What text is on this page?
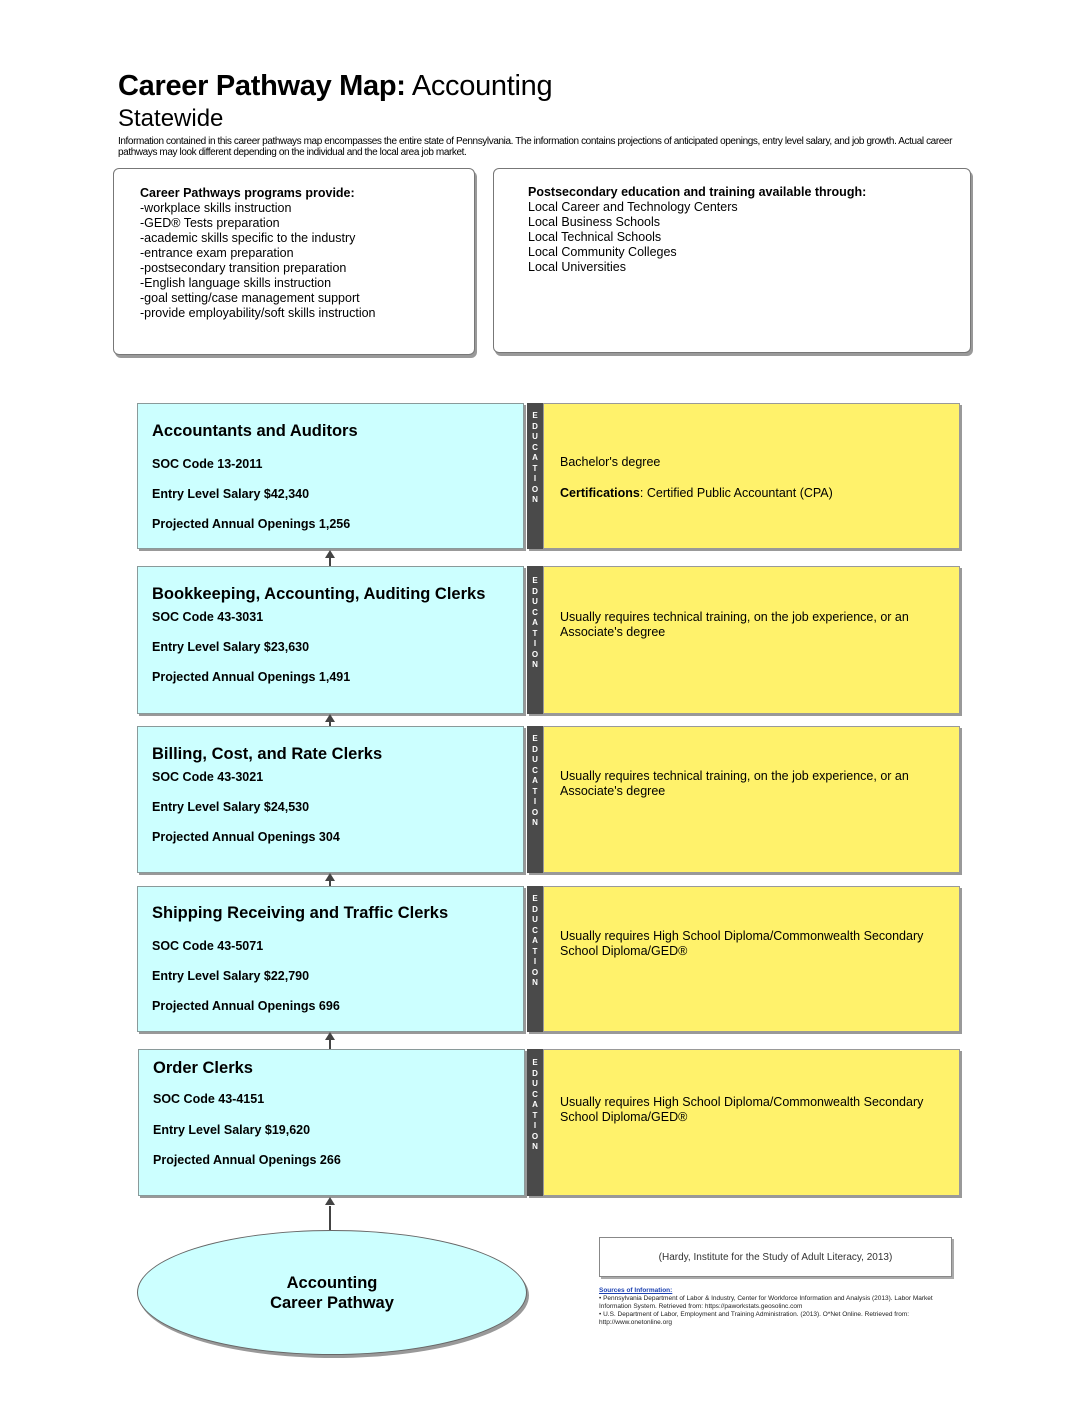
Career Pathway Map: Accounting
Statewide
Information contained in this career pathways map encompasses the entire state of Pennsylvania. The information contains projections of anticipated openings, entry level salary, and job growth. Actual career pathways may look different depending on the individual and the local area job market.
Career Pathways programs provide:
-workplace skills instruction
-GED® Tests preparation
-academic skills specific to the industry
-entrance exam preparation
-postsecondary transition preparation
-English language skills instruction
-goal setting/case management support
-provide employability/soft skills instruction
Postsecondary education and training available through:
Local Career and Technology Centers
Local Business Schools
Local Technical Schools
Local Community Colleges
Local Universities
Accountants and Auditors
SOC Code 13-2011
Entry Level Salary $42,340
Projected Annual Openings 1,256
E
D
U
C
A
T
I
O
N
Bachelor's degree
Certifications: Certified Public Accountant (CPA)
Bookkeeping, Accounting, Auditing Clerks
SOC Code 43-3031
Entry Level Salary $23,630
Projected Annual Openings 1,491
E
D
U
C
A
T
I
O
N
Usually requires technical training, on the job experience, or an Associate's degree
Billing, Cost, and Rate Clerks
SOC Code 43-3021
Entry Level Salary $24,530
Projected Annual Openings 304
E
D
U
C
A
T
I
O
N
Usually requires technical training, on the job experience, or an Associate's degree
Shipping Receiving and Traffic Clerks
SOC Code 43-5071
Entry Level Salary $22,790
Projected Annual Openings 696
E
D
U
C
A
T
I
O
N
Usually requires High School Diploma/Commonwealth Secondary School Diploma/GED®
Order Clerks
SOC Code 43-4151
Entry Level Salary $19,620
Projected Annual Openings 266
E
D
U
C
A
T
I
O
N
Usually requires High School Diploma/Commonwealth Secondary School Diploma/GED®
Accounting
Career Pathway
(Hardy, Institute for the Study of Adult Literacy, 2013)
Sources of Information:
• Pennsylvania Department of Labor & Industry, Center for Workforce Information and Analysis (2013). Labor Market Information System. Retrieved from: https://paworkstats.geosolinc.com
• U.S. Department of Labor, Employment and Training Administration. (2013). O*Net Online. Retrieved from: http://www.onetonline.org
